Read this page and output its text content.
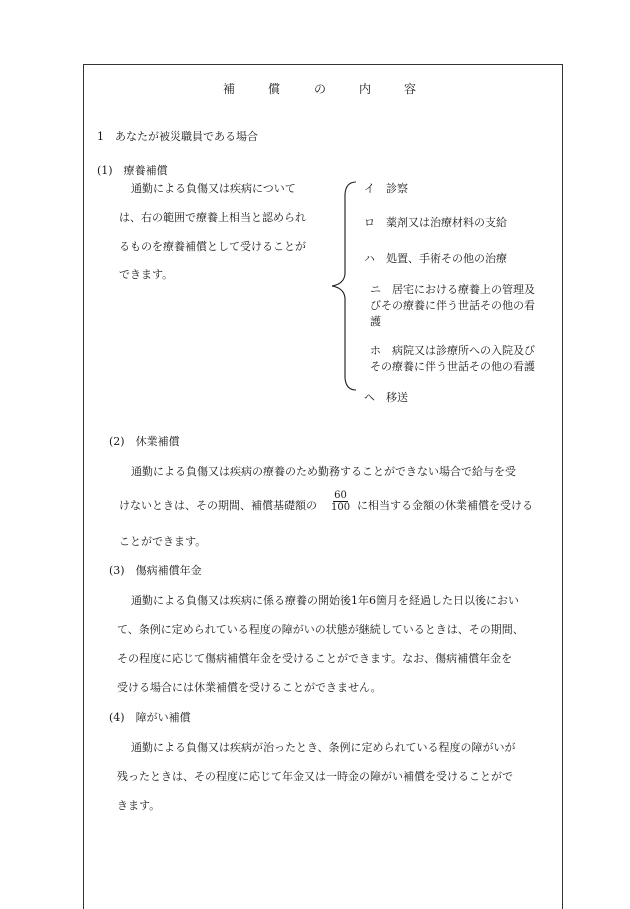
補	償	の	内	容
1　あなたが被災職員である場合
(1)　療養補償
通勤による負傷又は疾病について
は、右の範囲で療養上相当と認められ
るものを療養補償として受けることが
できます。
イ　診察
ロ　薬剤又は治療材料の支給
ハ　処置、手術その他の治療
ニ　居宅における療養上の管理及
びその療養に伴う世話その他の看
護
ホ　病院又は診療所への入院及び
その療養に伴う世話その他の看護
ヘ　移送
(2)　休業補償
通勤による負傷又は疾病の療養のため勤務することができない場合で給与を受
けないときは、その期間、補償基礎額の $\frac{60}{100}$ に相当する金額の休業補償を受ける
ことができます。
(3)　傷病補償年金
通勤による負傷又は疾病に係る療養の開始後1年6箇月を経過した日以後におい
て、条例に定められている程度の障がいの状態が継続しているときは、その期間、
その程度に応じて傷病補償年金を受けることができます。なお、傷病補償年金を
受ける場合には休業補償を受けることができません。
(4)　障がい補償
通勤による負傷又は疾病が治ったとき、条例に定められている程度の障がいが
残ったときは、その程度に応じて年金又は一時金の障がい補償を受けることがで
きます。
